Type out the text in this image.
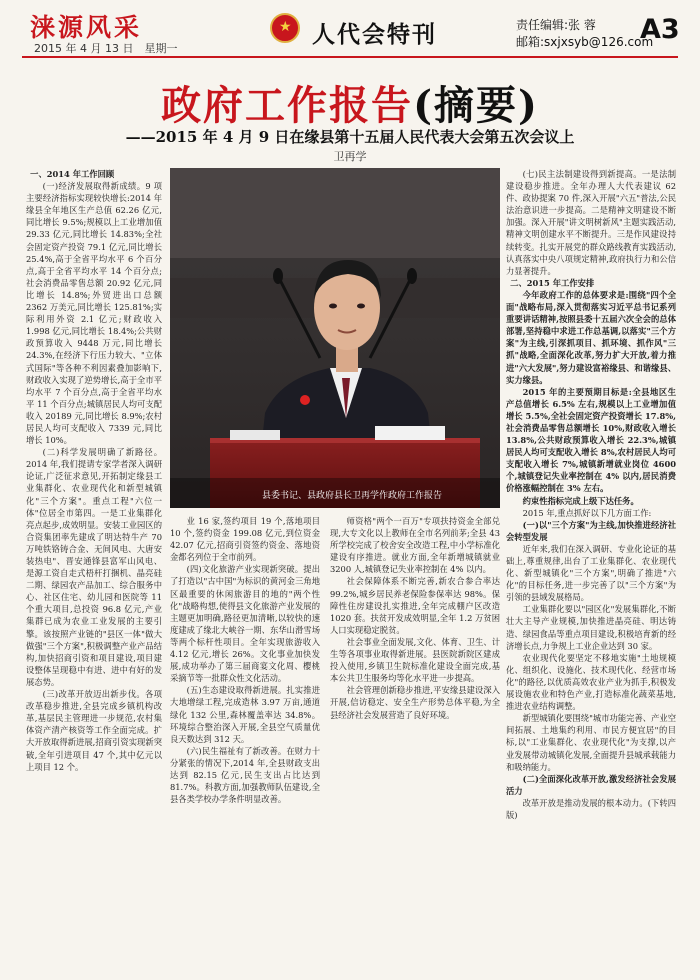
涞源风采
2015 年 4 月 13 日　星期一
★
人代会特刊	责任编辑:张 蓉
邮箱:sxjxsyb@126.com
A3
政府工作报告(摘要)
——2015 年 4 月 9 日在缘县第十五届人民代表大会第五次会议上
卫再学

一、2014 年工作回顾

(一)经济发展取得新成绩。9 项主要经济指标实现较快增长:2014 年缘县全年地区生产总值 62.26 亿元,同比增长 9.5%;规模以上工业增加值 29.33 亿元,同比增长 14.83%;全社会固定资产投资 79.1 亿元,同比增长 25.4%,高于全省平均水平 6 个百分点,高于全省平均水平 14 个百分点;社会消费品零售总额 20.92 亿元,同比增长 14.8%;外贸进出口总额 2362 万美元,同比增长 125.81%;实际利用外资 2.1 亿元;财政收入 1.998 亿元,同比增长 18.4%;公共财政预算收入 9448 万元,同比增长 24.3%,在经济下行压力较大、"立体式国际"等各种不利因素叠加影响下,财政收入实现了逆势增长,高于全市平均水平 7 个百分点,高于全省平均水平 11 个百分点;城镇居民人均可支配收入 20189 元,同比增长 8.9%;农村居民人均可支配收入 7339 元,同比增长 10%。

(二)科学发展明确了新路径。2014 年,我们提请专家学者深入调研论证,广泛征求意见,开拓制定缘县工业集群化、农业现代化和新型城镇化"三个方案"。重点工程"六位一体"位居全市第四。一是工业集群化亮点起步,成效明显。安装工业园区的合资集团率先建成了明达特牛产 70 万吨铁铬铸合金、无间风电、大唐安装热电"、晋安通锋县富军山风电、是源工资自走式梧杆打捆机、晶亮硅二期、绿园农产品加工、综合服务中心、社区住宅、幼儿园和医院等 11 个重大项目,总投资 96.8 亿元,产业集群已成为农业工业发展的主要引擎。该按照产业链的"县区一体"做大做强"三个方案",积极调整产业产品结构,加快招商引资和项目建设,项目建设整体呈现稳中有进、进中有好的发展态势。

(三)改革开放迈出新步伐。各项改革稳步推进,全县完成乡镇机构改革,基层民主管理进一步规范,农村集体资产清产核资等工作全面完成。扩大开放取得新进展,招商引资实现新突破,全年引进项目 47 个,其中亿元以上项目 12 个。

县委书记、县政府县长卫再学作政府工作报告

业 16 家,签约项目 19 个,落地项目 10 个,签约资金 199.08 亿元,到位资金 42.07 亿元,招商引资签约资金、落地资金都名列位于全市前列。

(四)文化旅游产业实现新突破。提出了打造以"古中国"为标识的黄河金三角地区最重要的休闲旅游目的地的"两个性化"战略构想,使得县文化旅游产业发展的主题更加明确,路径更加清晰,以较快的速度建成了缘北大峡谷一期、东华山滑雪场等两个标杆性项目。全年实现旅游收入 4.12 亿元,增长 26%。文化事业加快发展,成功举办了第三届商宴文化周、樱桃采摘节等一批群众性文化活动。

(五)生态建设取得新进展。扎实推进大地增绿工程,完成造林 3.97 万亩,通道绿化 132 公里,森林覆盖率达 34.8%。环境综合整治深入开展,全县空气质量优良天数达到 312 天。

(六)民生福祉有了新改善。在财力十分紧张的情况下,2014 年,全县财政支出达到 82.15 亿元,民生支出占比达到 81.7%。科教方面,加强教师队伍建设,全县各类学校办学条件明显改善。

师资格"两个一百万"专项扶持资金全部兑现,大专文化以上教师在全市名列前茅;全县 43 所学校完成了校舍安全改造工程,中小学标准化建设有序推进。就业方面,全年新增城镇就业 3200 人,城镇登记失业率控制在 4% 以内。

社会保障体系不断完善,新农合参合率达 99.2%,城乡居民养老保险参保率达 98%。保障性住房建设扎实推进,全年完成棚户区改造 1020 套。扶贫开发成效明显,全年 1.2 万贫困人口实现稳定脱贫。

社会事业全面发展,文化、体育、卫生、计生等各项事业取得新进展。县医院新院区建成投入使用,乡镇卫生院标准化建设全面完成,基本公共卫生服务均等化水平进一步提高。

社会管理创新稳步推进,平安缘县建设深入开展,信访稳定、安全生产形势总体平稳,为全县经济社会发展营造了良好环境。

(七)民主法制建设得到新提高。一是法制建设稳步推进。全年办理人大代表建议 62 件、政协提案 70 件,深入开展"六五"普法,公民法治意识进一步提高。二是精神文明建设不断加强。深入开展"讲文明树新风"主题实践活动,精神文明创建水平不断提升。三是作风建设持续转变。扎实开展党的群众路线教育实践活动,认真落实中央八项规定精神,政府执行力和公信力显著提升。

二、2015 年工作安排

今年政府工作的总体要求是:围绕"四个全面"战略布局,深入贯彻落实习近平总书记系列重要讲话精神,按照县委十五届六次全会的总体部署,坚持稳中求进工作总基调,以落实"三个方案"为主线,引深抓项目、抓环境、抓作风"三抓"战略,全面深化改革,努力扩大开放,着力推进"六大发展",努力建设富裕缘县、和谐缘县、实力缘县。

2015 年的主要预期目标是:全县地区生产总值增长 6.5% 左右,规模以上工业增加值增长 5.5%,全社会固定资产投资增长 17.8%,社会消费品零售总额增长 10%,财政收入增长 13.8%,公共财政预算收入增长 22.3%,城镇居民人均可支配收入增长 8%,农村居民人均可支配收入增长 7%,城镇新增就业岗位 4600 个,城镇登记失业率控制在 4% 以内,居民消费价格涨幅控制在 3% 左右。

约束性指标完成上级下达任务。

2015 年,重点抓好以下几方面工作:

(一)以"三个方案"为主线,加快推进经济社会转型发展

近年来,我们在深入调研、专业化论证的基础上,尊重规律,出台了工业集群化、农业现代化、新型城镇化"三个方案",明确了推进"六化"的目标任务,进一步完善了以"三个方案"为引领的县域发展格局。

工业集群化要以"园区化"发展集群化,不断壮大主导产业规模,加快推进晶亮硅、明达铸造、绿园食品等重点项目建设,积极培育新的经济增长点,力争规上工业企业达到 30 家。

农业现代化要坚定不移地实施"土地规模化、组织化、设施化、技术现代化、经营市场化"的路径,以优质高效农业产业为抓手,积极发展设施农业和特色产业,打造标准化蔬菜基地,推进农业结构调整。

新型城镇化要围绕"城市功能完善、产业空间拓展、土地集约利用、市民方便宜居"的目标,以"工业集群化、农业现代化"为支撑,以产业发展带动城镇化发展,全面提升县城承载能力和吸纳能力。

(二)全面深化改革开放,激发经济社会发展活力

改革开放是推动发展的根本动力。(下转四版)
